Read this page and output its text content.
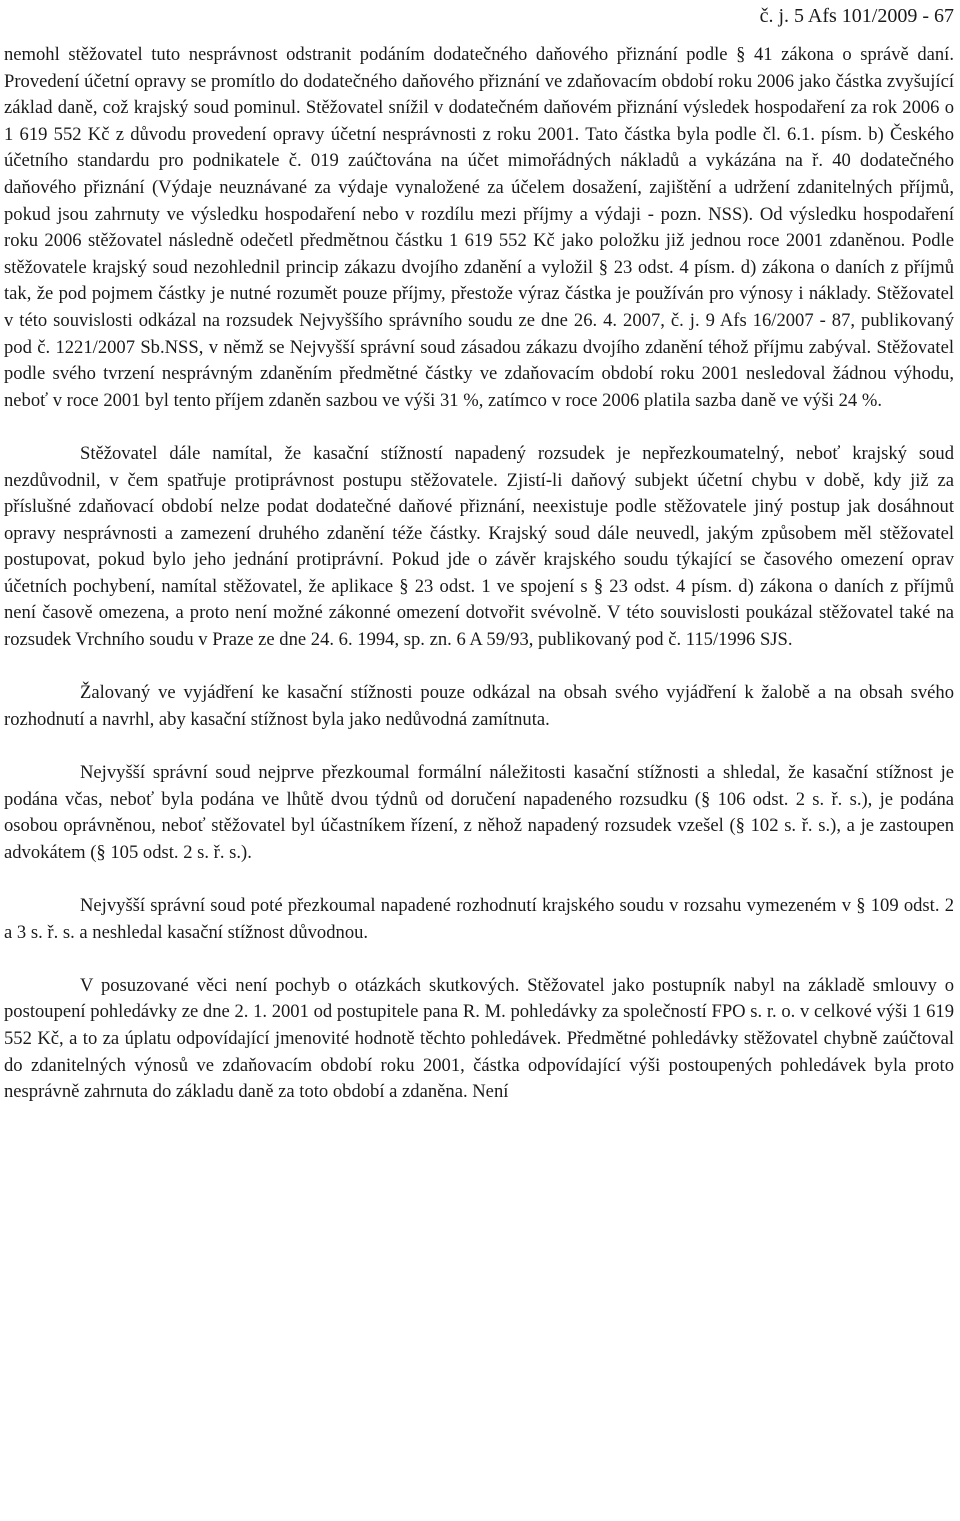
č. j. 5 Afs 101/2009 - 67

nemohl stěžovatel tuto nesprávnost odstranit podáním dodatečného daňového přiznání podle § 41 zákona o správě daní. Provedení účetní opravy se promítlo do dodatečného daňového přiznání ve zdaňovacím období roku 2006 jako částka zvyšující základ daně, což krajský soud pominul. Stěžovatel snížil v dodatečném daňovém přiznání výsledek hospodaření za rok 2006 o 1 619 552 Kč z důvodu provedení opravy účetní nesprávnosti z roku 2001. Tato částka byla podle čl. 6.1. písm. b) Českého účetního standardu pro podnikatele č. 019 zaúčtována na účet mimořádných nákladů a vykázána na ř. 40 dodatečného daňového přiznání (Výdaje neuznávané za výdaje vynaložené za účelem dosažení, zajištění a udržení zdanitelných příjmů, pokud jsou zahrnuty ve výsledku hospodaření nebo v rozdílu mezi příjmy a výdaji - pozn. NSS). Od výsledku hospodaření roku 2006 stěžovatel následně odečetl předmětnou částku 1 619 552 Kč jako položku již jednou roce 2001 zdaněnou. Podle stěžovatele krajský soud nezohlednil princip zákazu dvojího zdanění a vyložil § 23 odst. 4 písm. d) zákona o daních z příjmů tak, že pod pojmem částky je nutné rozumět pouze příjmy, přestože výraz částka je používán pro výnosy i náklady. Stěžovatel v této souvislosti odkázal na rozsudek Nejvyššího správního soudu ze dne 26. 4. 2007, č. j. 9 Afs 16/2007 - 87, publikovaný pod č. 1221/2007 Sb.NSS, v němž se Nejvyšší správní soud zásadou zákazu dvojího zdanění téhož příjmu zabýval. Stěžovatel podle svého tvrzení nesprávným zdaněním předmětné částky ve zdaňovacím období roku 2001 nesledoval žádnou výhodu, neboť v roce 2001 byl tento příjem zdaněn sazbou ve výši 31 %, zatímco v roce 2006 platila sazba daně ve výši 24 %.

Stěžovatel dále namítal, že kasační stížností napadený rozsudek je nepřezkoumatelný, neboť krajský soud nezdůvodnil, v čem spatřuje protiprávnost postupu stěžovatele. Zjistí-li daňový subjekt účetní chybu v době, kdy již za příslušné zdaňovací období nelze podat dodatečné daňové přiznání, neexistuje podle stěžovatele jiný postup jak dosáhnout opravy nesprávnosti a zamezení druhého zdanění téže částky. Krajský soud dále neuvedl, jakým způsobem měl stěžovatel postupovat, pokud bylo jeho jednání protiprávní. Pokud jde o závěr krajského soudu týkající se časového omezení oprav účetních pochybení, namítal stěžovatel, že aplikace § 23 odst. 1 ve spojení s § 23 odst. 4 písm. d) zákona o daních z příjmů není časově omezena, a proto není možné zákonné omezení dotvořit svévolně. V této souvislosti poukázal stěžovatel také na rozsudek Vrchního soudu v Praze ze dne 24. 6. 1994, sp. zn. 6 A 59/93, publikovaný pod č. 115/1996 SJS.

Žalovaný ve vyjádření ke kasační stížnosti pouze odkázal na obsah svého vyjádření k žalobě a na obsah svého rozhodnutí a navrhl, aby kasační stížnost byla jako nedůvodná zamítnuta.

Nejvyšší správní soud nejprve přezkoumal formální náležitosti kasační stížnosti a shledal, že kasační stížnost je podána včas, neboť byla podána ve lhůtě dvou týdnů od doručení napadeného rozsudku (§ 106 odst. 2 s. ř. s.), je podána osobou oprávněnou, neboť stěžovatel byl účastníkem řízení, z něhož napadený rozsudek vzešel (§ 102 s. ř. s.), a je zastoupen advokátem (§ 105 odst. 2 s. ř. s.).

Nejvyšší správní soud poté přezkoumal napadené rozhodnutí krajského soudu v rozsahu vymezeném v § 109 odst. 2 a 3 s. ř. s. a neshledal kasační stížnost důvodnou.

V posuzované věci není pochyb o otázkách skutkových. Stěžovatel jako postupník nabyl na základě smlouvy o postoupení pohledávky ze dne 2. 1. 2001 od postupitele pana R. M. pohledávky za společností FPO s. r. o. v celkové výši 1 619 552 Kč, a to za úplatu odpovídající jmenovité hodnotě těchto pohledávek. Předmětné pohledávky stěžovatel chybně zaúčtoval do zdanitelných výnosů ve zdaňovacím období roku 2001, částka odpovídající výši postoupených pohledávek byla proto nesprávně zahrnuta do základu daně za toto období a zdaněna. Není
